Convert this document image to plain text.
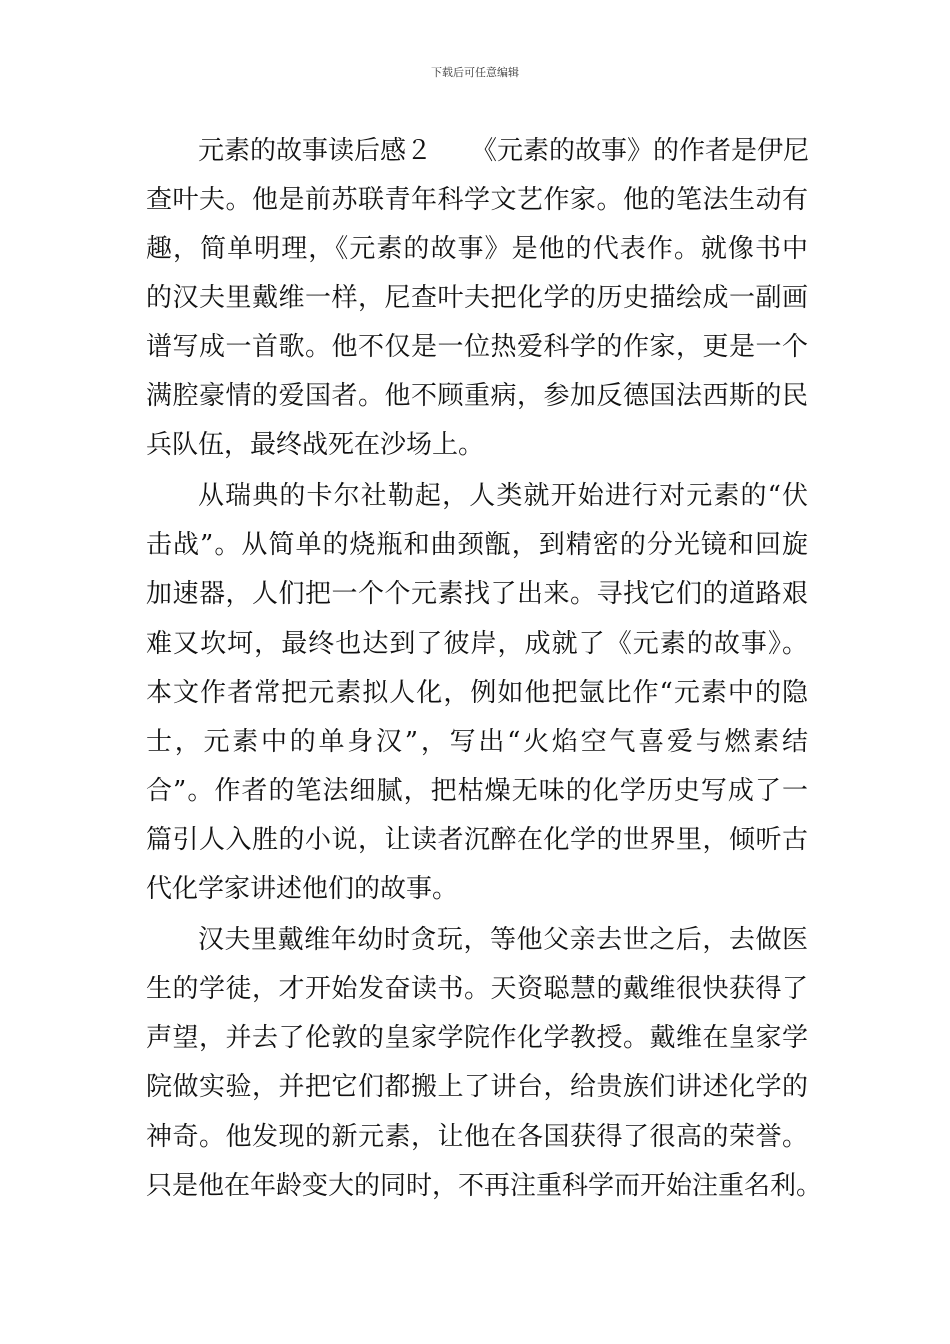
下载后可任意编辑
元素的故事读后感２　　《元素的故事》的作者是伊尼
查叶夫。他是前苏联青年科学文艺作家。他的笔法生动有
趣，简单明理，《元素的故事》是他的代表作。就像书中
的汉夫里戴维一样，尼查叶夫把化学的历史描绘成一副画
谱写成一首歌。他不仅是一位热爱科学的作家，更是一个
满腔豪情的爱国者。他不顾重病，参加反德国法西斯的民
兵队伍，最终战死在沙场上。
从瑞典的卡尔社勒起，人类就开始进行对元素的“伏
击战”。从简单的烧瓶和曲颈甑，到精密的分光镜和回旋
加速器，人们把一个个元素找了出来。寻找它们的道路艰
难又坎坷，最终也达到了彼岸，成就了《元素的故事》。
本文作者常把元素拟人化，例如他把氩比作“元素中的隐
士，元素中的单身汉”，写出“火焰空气喜爱与燃素结
合”。作者的笔法细腻，把枯燥无味的化学历史写成了一
篇引人入胜的小说，让读者沉醉在化学的世界里，倾听古
代化学家讲述他们的故事。
汉夫里戴维年幼时贪玩，等他父亲去世之后，去做医
生的学徒，才开始发奋读书。天资聪慧的戴维很快获得了
声望，并去了伦敦的皇家学院作化学教授。戴维在皇家学
院做实验，并把它们都搬上了讲台，给贵族们讲述化学的
神奇。他发现的新元素，让他在各国获得了很高的荣誉。
只是他在年龄变大的同时，不再注重科学而开始注重名利。
